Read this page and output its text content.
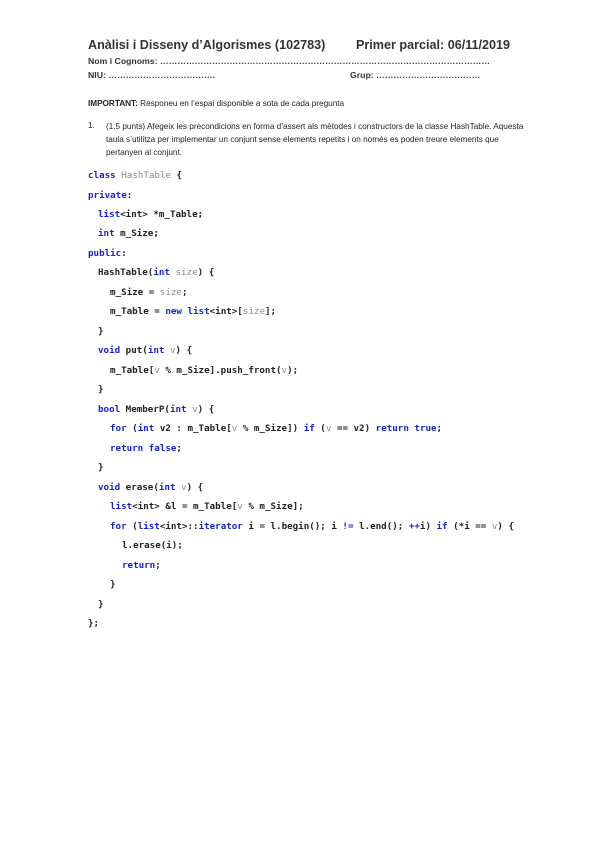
Anàlisi i Disseny d’Algorismes (102783) Primer parcial: 06/11/2019
Nom i Cognoms: ……………………………………………………………………………………………………
NIU: ……………………………….	Grup: ………………………………
IMPORTANT: Responeu en l’espai disponible a sota de cada pregunta
1. (1.5 punts) Afegeix les precondicions en forma d’assert als mètodes i constructors de la classe HashTable. Aquesta taula s’utilitza per implementar un conjunt sense elements repetits i on només es poden treure elements que pertanyen al conjunt.

class HashTable {

private:

list<int> *m_Table;

int m_Size;

public:

HashTable(int size) {

m_Size = size;

m_Table = new list<int>[size];

}

void put(int v) {

m_Table[v % m_Size].push_front(v);

}

bool MemberP(int v) {

for (int v2 : m_Table[v % m_Size]) if (v == v2) return true;

return false;

}

void erase(int v) {

list<int> &l = m_Table[v % m_Size];

for (list<int>::iterator i = l.begin(); i != l.end(); ++i) if (*i == v) {

l.erase(i);

return;

}

}

};
